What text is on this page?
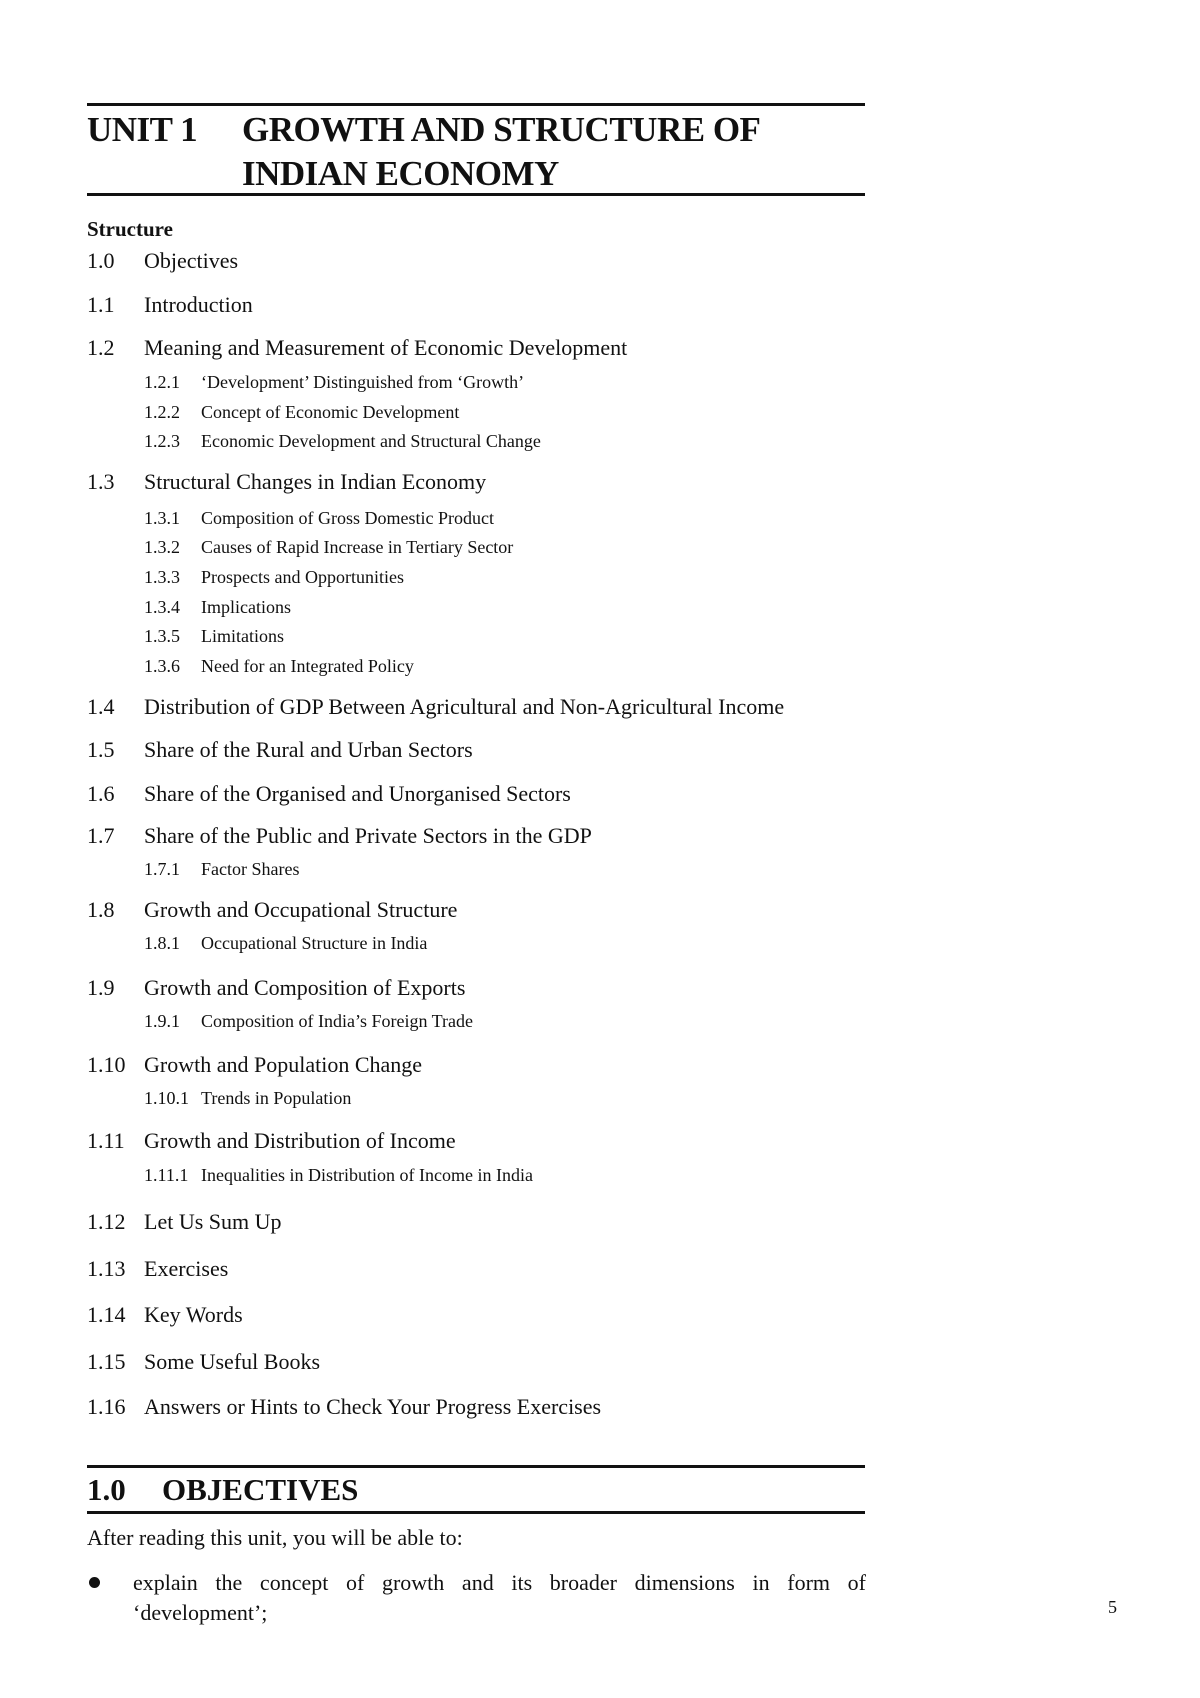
UNIT 1 GROWTH AND STRUCTURE OF INDIAN ECONOMY
Structure
1.0 Objectives
1.1 Introduction
1.2 Meaning and Measurement of Economic Development
1.2.1 ‘Development’ Distinguished from ‘Growth’
1.2.2 Concept of Economic Development
1.2.3 Economic Development and Structural Change
1.3 Structural Changes in Indian Economy
1.3.1 Composition of Gross Domestic Product
1.3.2 Causes of Rapid Increase in Tertiary Sector
1.3.3 Prospects and Opportunities
1.3.4 Implications
1.3.5 Limitations
1.3.6 Need for an Integrated Policy
1.4 Distribution of GDP Between Agricultural and Non-Agricultural Income
1.5 Share of the Rural and Urban Sectors
1.6 Share of the Organised and Unorganised Sectors
1.7 Share of the Public and Private Sectors in the GDP
1.7.1 Factor Shares
1.8 Growth and Occupational Structure
1.8.1 Occupational Structure in India
1.9 Growth and Composition of Exports
1.9.1 Composition of India’s Foreign Trade
1.10 Growth and Population Change
1.10.1 Trends in Population
1.11 Growth and Distribution of Income
1.11.1 Inequalities in Distribution of Income in India
1.12 Let Us Sum Up
1.13 Exercises
1.14 Key Words
1.15 Some Useful Books
1.16 Answers or Hints to Check Your Progress Exercises
1.0 OBJECTIVES
After reading this unit, you will be able to:
explain the concept of growth and its broader dimensions in form of ‘development’;	5
